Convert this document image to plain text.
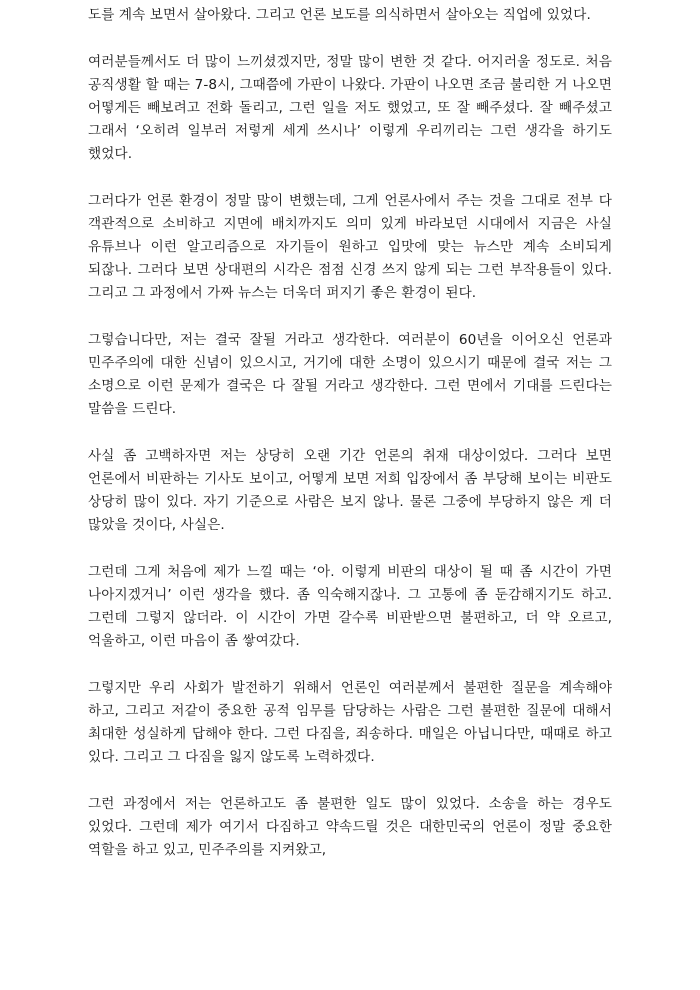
도를 계속 보면서 살아왔다. 그리고 언론 보도를 의식하면서 살아오는 직업에 있었다.

여러분들께서도 더 많이 느끼셨겠지만, 정말 많이 변한 것 같다. 어지러울 정도로. 처음 공직생활 할 때는 7-8시, 그때쯤에 가판이 나왔다. 가판이 나오면 조금 불리한 거 나오면 어떻게든 빼보려고 전화 돌리고, 그런 일을 저도 했었고, 또 잘 빼주셨다. 잘 빼주셨고 그래서 ‘오히려 일부러 저렇게 세게 쓰시나’ 이렇게 우리끼리는 그런 생각을 하기도 했었다.

그러다가 언론 환경이 정말 많이 변했는데, 그게 언론사에서 주는 것을 그대로 전부 다 객관적으로 소비하고 지면에 배치까지도 의미 있게 바라보던 시대에서 지금은 사실 유튜브나 이런 알고리즘으로 자기들이 원하고 입맛에 맞는 뉴스만 계속 소비되게 되잖나. 그러다 보면 상대편의 시각은 점점 신경 쓰지 않게 되는 그런 부작용들이 있다. 그리고 그 과정에서 가짜 뉴스는 더욱더 퍼지기 좋은 환경이 된다.

그렇습니다만, 저는 결국 잘될 거라고 생각한다. 여러분이 60년을 이어오신 언론과 민주주의에 대한 신념이 있으시고, 거기에 대한 소명이 있으시기 때문에 결국 저는 그 소명으로 이런 문제가 결국은 다 잘될 거라고 생각한다. 그런 면에서 기대를 드린다는 말씀을 드린다.

사실 좀 고백하자면 저는 상당히 오랜 기간 언론의 취재 대상이었다. 그러다 보면 언론에서 비판하는 기사도 보이고, 어떻게 보면 저희 입장에서 좀 부당해 보이는 비판도 상당히 많이 있다. 자기 기준으로 사람은 보지 않나. 물론 그중에 부당하지 않은 게 더 많았을 것이다, 사실은.

그런데 그게 처음에 제가 느낄 때는 ‘아. 이렇게 비판의 대상이 될 때 좀 시간이 가면 나아지겠거니’ 이런 생각을 했다. 좀 익숙해지잖나. 그 고통에 좀 둔감해지기도 하고. 그런데 그렇지 않더라. 이 시간이 가면 갈수록 비판받으면 불편하고, 더 약 오르고, 억울하고, 이런 마음이 좀 쌓여갔다.

그렇지만 우리 사회가 발전하기 위해서 언론인 여러분께서 불편한 질문을 계속해야 하고, 그리고 저같이 중요한 공적 임무를 담당하는 사람은 그런 불편한 질문에 대해서 최대한 성실하게 답해야 한다. 그런 다짐을, 죄송하다. 매일은 아닙니다만, 때때로 하고 있다. 그리고 그 다짐을 잃지 않도록 노력하겠다.

그런 과정에서 저는 언론하고도 좀 불편한 일도 많이 있었다. 소송을 하는 경우도 있었다. 그런데 제가 여기서 다짐하고 약속드릴 것은 대한민국의 언론이 정말 중요한 역할을 하고 있고, 민주주의를 지켜왔고,
